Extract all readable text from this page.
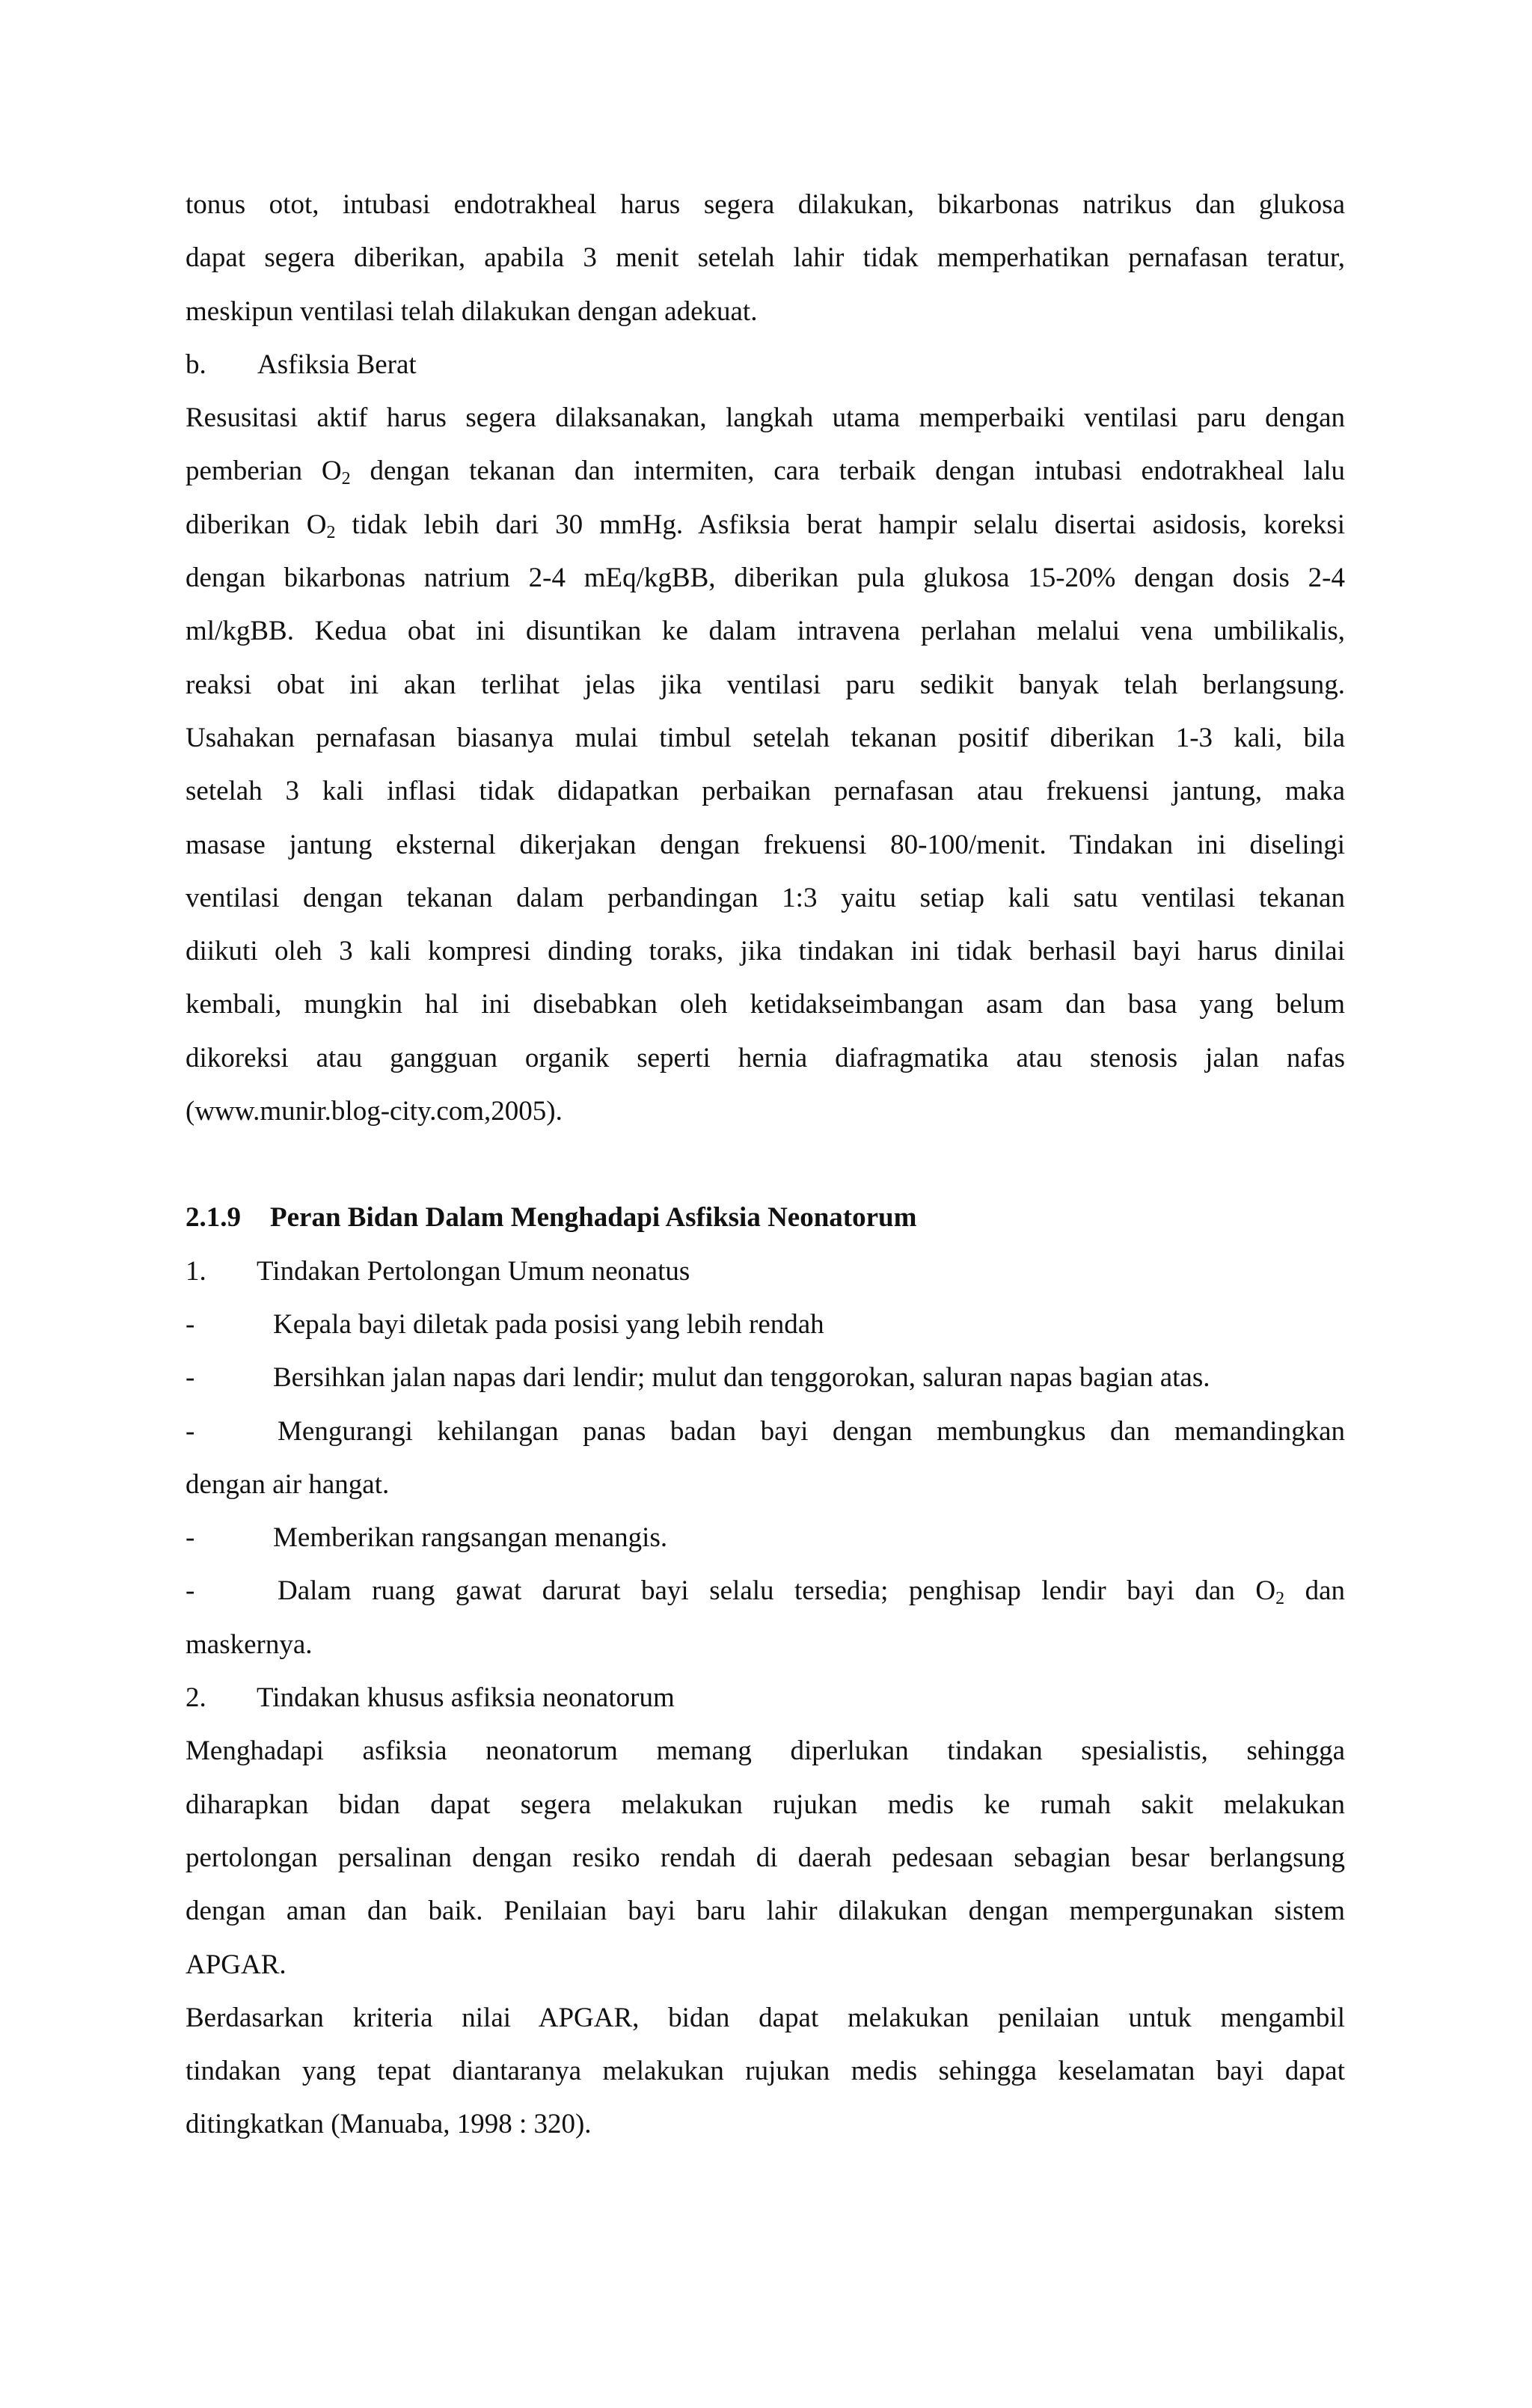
tonus otot, intubasi endotrakheal harus segera dilakukan, bikarbonas natrikus dan glukosa

dapat segera diberikan, apabila 3 menit setelah lahir tidak memperhatikan pernafasan teratur,

meskipun ventilasi telah dilakukan dengan adekuat.

b. Asfiksia Berat

Resusitasi aktif harus segera dilaksanakan, langkah utama memperbaiki ventilasi paru dengan

pemberian $O_2$ dengan tekanan dan intermiten, cara terbaik dengan intubasi endotrakheal lalu

diberikan $O_2$ tidak lebih dari 30 mmHg. Asfiksia berat hampir selalu disertai asidosis, koreksi

dengan bikarbonas natrium 2-4 mEq/kgBB, diberikan pula glukosa 15-20% dengan dosis 2-4

ml/kgBB. Kedua obat ini disuntikan ke dalam intravena perlahan melalui vena umbilikalis,

reaksi obat ini akan terlihat jelas jika ventilasi paru sedikit banyak telah berlangsung.

Usahakan pernafasan biasanya mulai timbul setelah tekanan positif diberikan 1-3 kali, bila

setelah 3 kali inflasi tidak didapatkan perbaikan pernafasan atau frekuensi jantung, maka

masase jantung eksternal dikerjakan dengan frekuensi 80-100/menit. Tindakan ini diselingi

ventilasi dengan tekanan dalam perbandingan 1:3 yaitu setiap kali satu ventilasi tekanan

diikuti oleh 3 kali kompresi dinding toraks, jika tindakan ini tidak berhasil bayi harus dinilai

kembali, mungkin hal ini disebabkan oleh ketidakseimbangan asam dan basa yang belum

dikoreksi atau gangguan organik seperti hernia diafragmatika atau stenosis jalan nafas

(www.munir.blog-city.com,2005).

2.1.9 Peran Bidan Dalam Menghadapi Asfiksia Neonatorum

1. Tindakan Pertolongan Umum neonatus

-	Kepala bayi diletak pada posisi yang lebih rendah

-	Bersihkan jalan napas dari lendir; mulut dan tenggorokan, saluran napas bagian atas.

-	Mengurangi kehilangan panas badan bayi dengan membungkus dan memandingkan

dengan air hangat.

-	Memberikan rangsangan menangis.

-	Dalam ruang gawat darurat bayi selalu tersedia; penghisap lendir bayi dan $O_2$ dan

maskernya.

2. Tindakan khusus asfiksia neonatorum

Menghadapi asfiksia neonatorum memang diperlukan tindakan spesialistis, sehingga

diharapkan bidan dapat segera melakukan rujukan medis ke rumah sakit melakukan

pertolongan persalinan dengan resiko rendah di daerah pedesaan sebagian besar berlangsung

dengan aman dan baik. Penilaian bayi baru lahir dilakukan dengan mempergunakan sistem

APGAR.

Berdasarkan kriteria nilai APGAR, bidan dapat melakukan penilaian untuk mengambil

tindakan yang tepat diantaranya melakukan rujukan medis sehingga keselamatan bayi dapat

ditingkatkan (Manuaba, 1998 : 320).
